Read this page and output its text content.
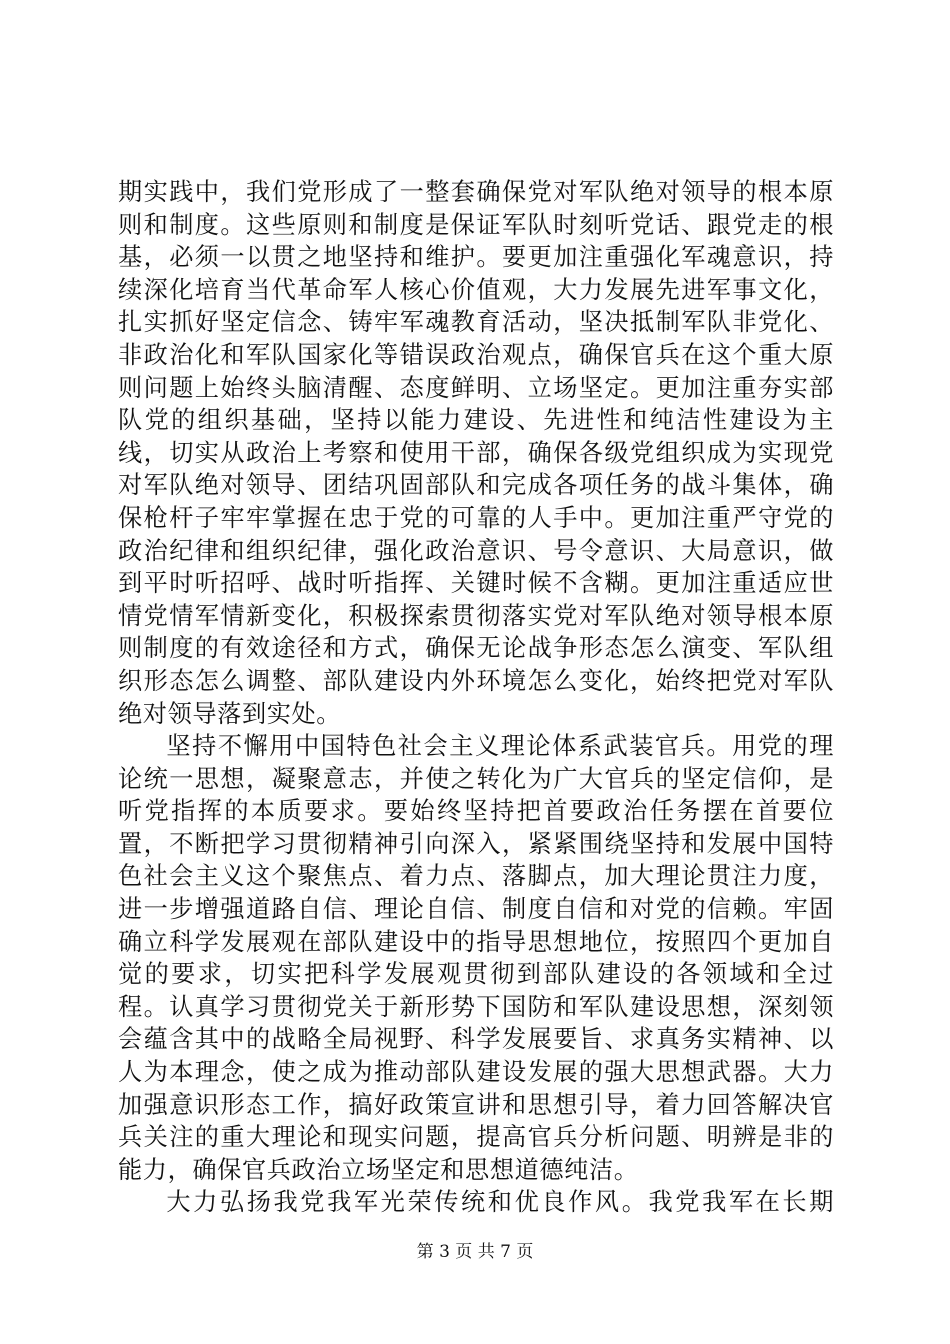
期实践中，我们党形成了一整套确保党对军队绝对领导的根本原则和制度。这些原则和制度是保证军队时刻听党话、跟党走的根基，必须一以贯之地坚持和维护。要更加注重强化军魂意识，持续深化培育当代革命军人核心价值观，大力发展先进军事文化，扎实抓好坚定信念、铸牢军魂教育活动，坚决抵制军队非党化、非政治化和军队国家化等错误政治观点，确保官兵在这个重大原则问题上始终头脑清醒、态度鲜明、立场坚定。更加注重夯实部队党的组织基础，坚持以能力建设、先进性和纯洁性建设为主线，切实从政治上考察和使用干部，确保各级党组织成为实现党对军队绝对领导、团结巩固部队和完成各项任务的战斗集体，确保枪杆子牢牢掌握在忠于党的可靠的人手中。更加注重严守党的政治纪律和组织纪律，强化政治意识、号令意识、大局意识，做到平时听招呼、战时听指挥、关键时候不含糊。更加注重适应世情党情军情新变化，积极探索贯彻落实党对军队绝对领导根本原则制度的有效途径和方式，确保无论战争形态怎么演变、军队组织形态怎么调整、部队建设内外环境怎么变化，始终把党对军队绝对领导落到实处。

坚持不懈用中国特色社会主义理论体系武装官兵。用党的理论统一思想，凝聚意志，并使之转化为广大官兵的坚定信仰，是听党指挥的本质要求。要始终坚持把首要政治任务摆在首要位置，不断把学习贯彻精神引向深入，紧紧围绕坚持和发展中国特色社会主义这个聚焦点、着力点、落脚点，加大理论贯注力度，进一步增强道路自信、理论自信、制度自信和对党的信赖。牢固确立科学发展观在部队建设中的指导思想地位，按照四个更加自觉的要求，切实把科学发展观贯彻到部队建设的各领域和全过程。认真学习贯彻党关于新形势下国防和军队建设思想，深刻领会蕴含其中的战略全局视野、科学发展要旨、求真务实精神、以人为本理念，使之成为推动部队建设发展的强大思想武器。大力加强意识形态工作，搞好政策宣讲和思想引导，着力回答解决官兵关注的重大理论和现实问题，提高官兵分析问题、明辨是非的能力，确保官兵政治立场坚定和思想道德纯洁。

大力弘扬我党我军光荣传统和优良作风。我党我军在长期

第 3 页 共 7 页
